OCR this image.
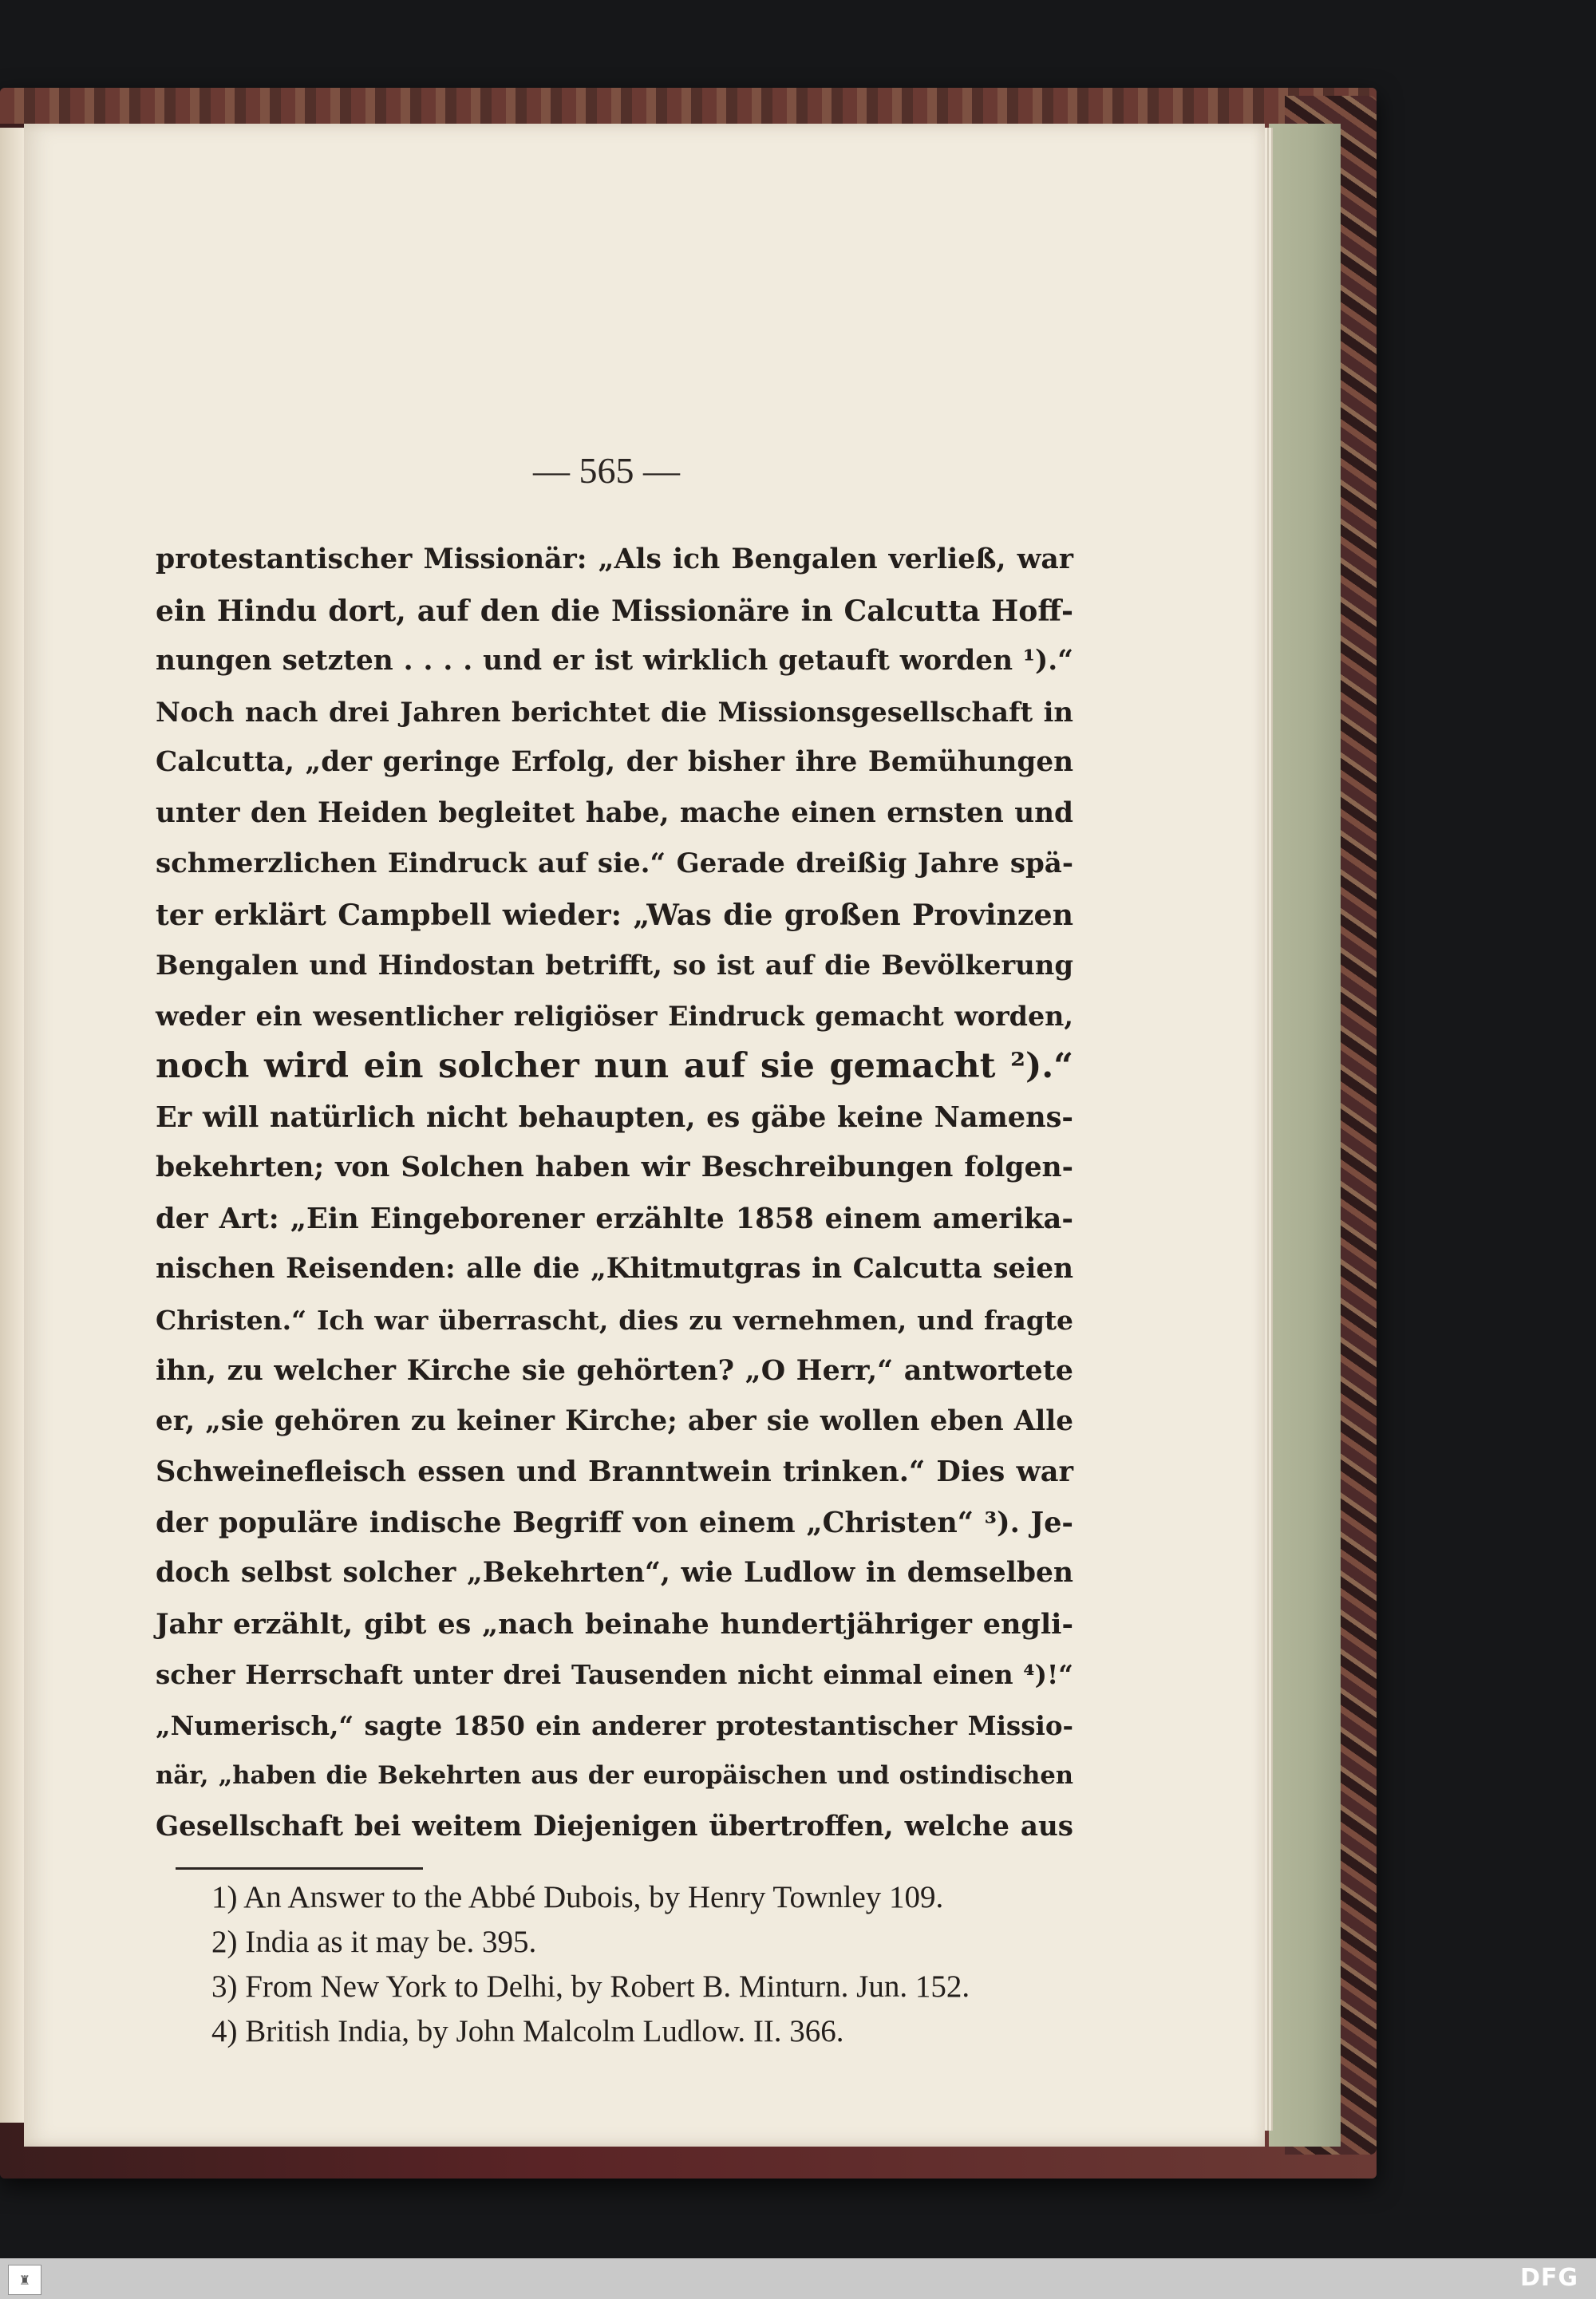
— 565 —
protestantischer Missionär: „Als ich Bengalen verließ, war
ein Hindu dort, auf den die Missionäre in Calcutta Hoff-
nungen setzten . . . . und er ist wirklich getauft worden ¹).“
Noch nach drei Jahren berichtet die Missionsgesellschaft in
Calcutta, „der geringe Erfolg, der bisher ihre Bemühungen
unter den Heiden begleitet habe, mache einen ernsten und
schmerzlichen Eindruck auf sie.“ Gerade dreißig Jahre spä-
ter erklärt Campbell wieder: „Was die großen Provinzen
Bengalen und Hindostan betrifft, so ist auf die Bevölkerung
weder ein wesentlicher religiöser Eindruck gemacht worden,
noch wird ein solcher nun auf sie gemacht ²).“
Er will natürlich nicht behaupten, es gäbe keine Namens-
bekehrten; von Solchen haben wir Beschreibungen folgen-
der Art: „Ein Eingeborener erzählte 1858 einem amerika-
nischen Reisenden: alle die „Khitmutgras in Calcutta seien
Christen.“ Ich war überrascht, dies zu vernehmen, und fragte
ihn, zu welcher Kirche sie gehörten? „O Herr,“ antwortete
er, „sie gehören zu keiner Kirche; aber sie wollen eben Alle
Schweinefleisch essen und Branntwein trinken.“ Dies war
der populäre indische Begriff von einem „Christen“ ³). Je-
doch selbst solcher „Bekehrten“, wie Ludlow in demselben
Jahr erzählt, gibt es „nach beinahe hundertjähriger engli-
scher Herrschaft unter drei Tausenden nicht einmal einen ⁴)!“
„Numerisch,“ sagte 1850 ein anderer protestantischer Missio-
när, „haben die Bekehrten aus der europäischen und ostindischen
Gesellschaft bei weitem Diejenigen übertroffen, welche aus
1) An Answer to the Abbé Dubois, by Henry Townley 109.
2) India as it may be. 395.
3) From New York to Delhi, by Robert B. Minturn. Jun. 152.
4) British India, by John Malcolm Ludlow. II. 366.
♜	DFG
